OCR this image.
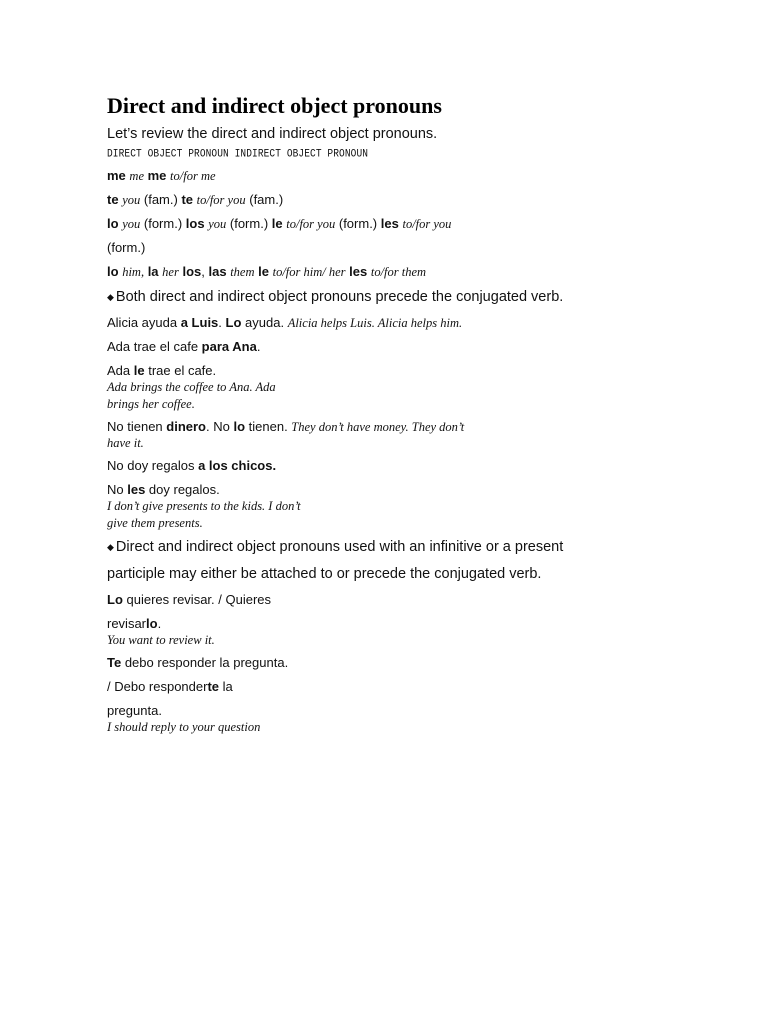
Direct and indirect object pronouns

Let’s review the direct and indirect object pronouns.

DIRECT OBJECT PRONOUN INDIRECT OBJECT PRONOUN

me me me to/for me

te you (fam.) te to/for you (fam.)

lo you (form.) los you (form.) le to/for you (form.) les to/for you

(form.)

lo him, la her los, las them le to/for him/ her les to/for them

◆ Both direct and indirect object pronouns precede the conjugated verb.

Alicia ayuda a Luis. Lo ayuda. Alicia helps Luis. Alicia helps him.

Ada trae el cafe para Ana.

Ada le trae el cafe.

Ada brings the coffee to Ana. Ada
brings her coffee.

No tienen dinero. No lo tienen. They don’t have money. They don’t

have it.

No doy regalos a los chicos.

No les doy regalos.

I don’t give presents to the kids. I don’t
give them presents.

◆ Direct and indirect object pronouns used with an infinitive or a present

participle may either be attached to or precede the conjugated verb.

Lo quieres revisar. / Quieres

revisarlo.

You want to review it.

Te debo responder la pregunta.

/ Debo responderte la

pregunta.

I should reply to your question
